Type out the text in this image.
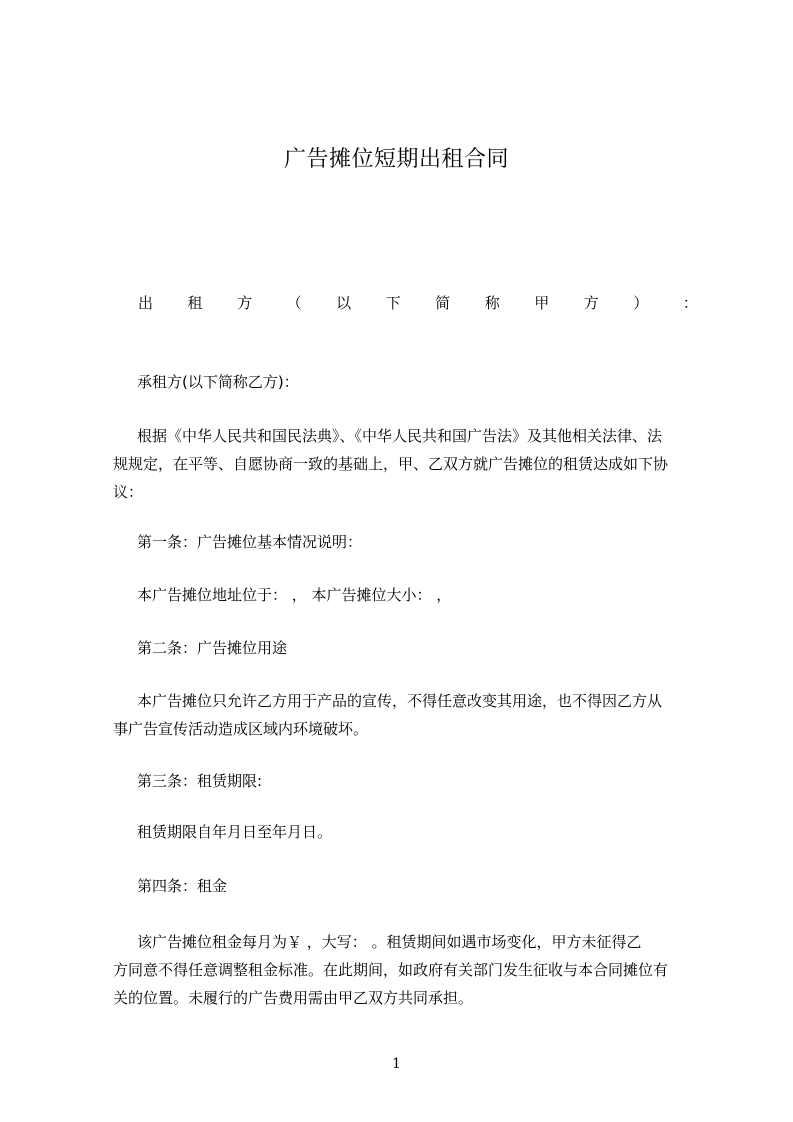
广告摊位短期出租合同
出 租 方 （ 以 下 简 称 甲 方 ） ：
承租方(以下简称乙方)：
根据《中华人民共和国民法典》、《中华人民共和国广告法》及其他相关法律、法
规规定，在平等、自愿协商一致的基础上，甲、乙双方就广告摊位的租赁达成如下协
议：
第一条：广告摊位基本情况说明：
本广告摊位地址位于： ， 本广告摊位大小： ，
第二条：广告摊位用途
本广告摊位只允许乙方用于产品的宣传，不得任意改变其用途，也不得因乙方从
事广告宣传活动造成区域内环境破坏。
第三条：租赁期限:
租赁期限自年月日至年月日。
第四条：租金
该广告摊位租金每月为￥ ，大写： 。租赁期间如遇市场变化，甲方未征得乙
方同意不得任意调整租金标准。在此期间，如政府有关部门发生征收与本合同摊位有
关的位置。未履行的广告费用需由甲乙双方共同承担。
1
